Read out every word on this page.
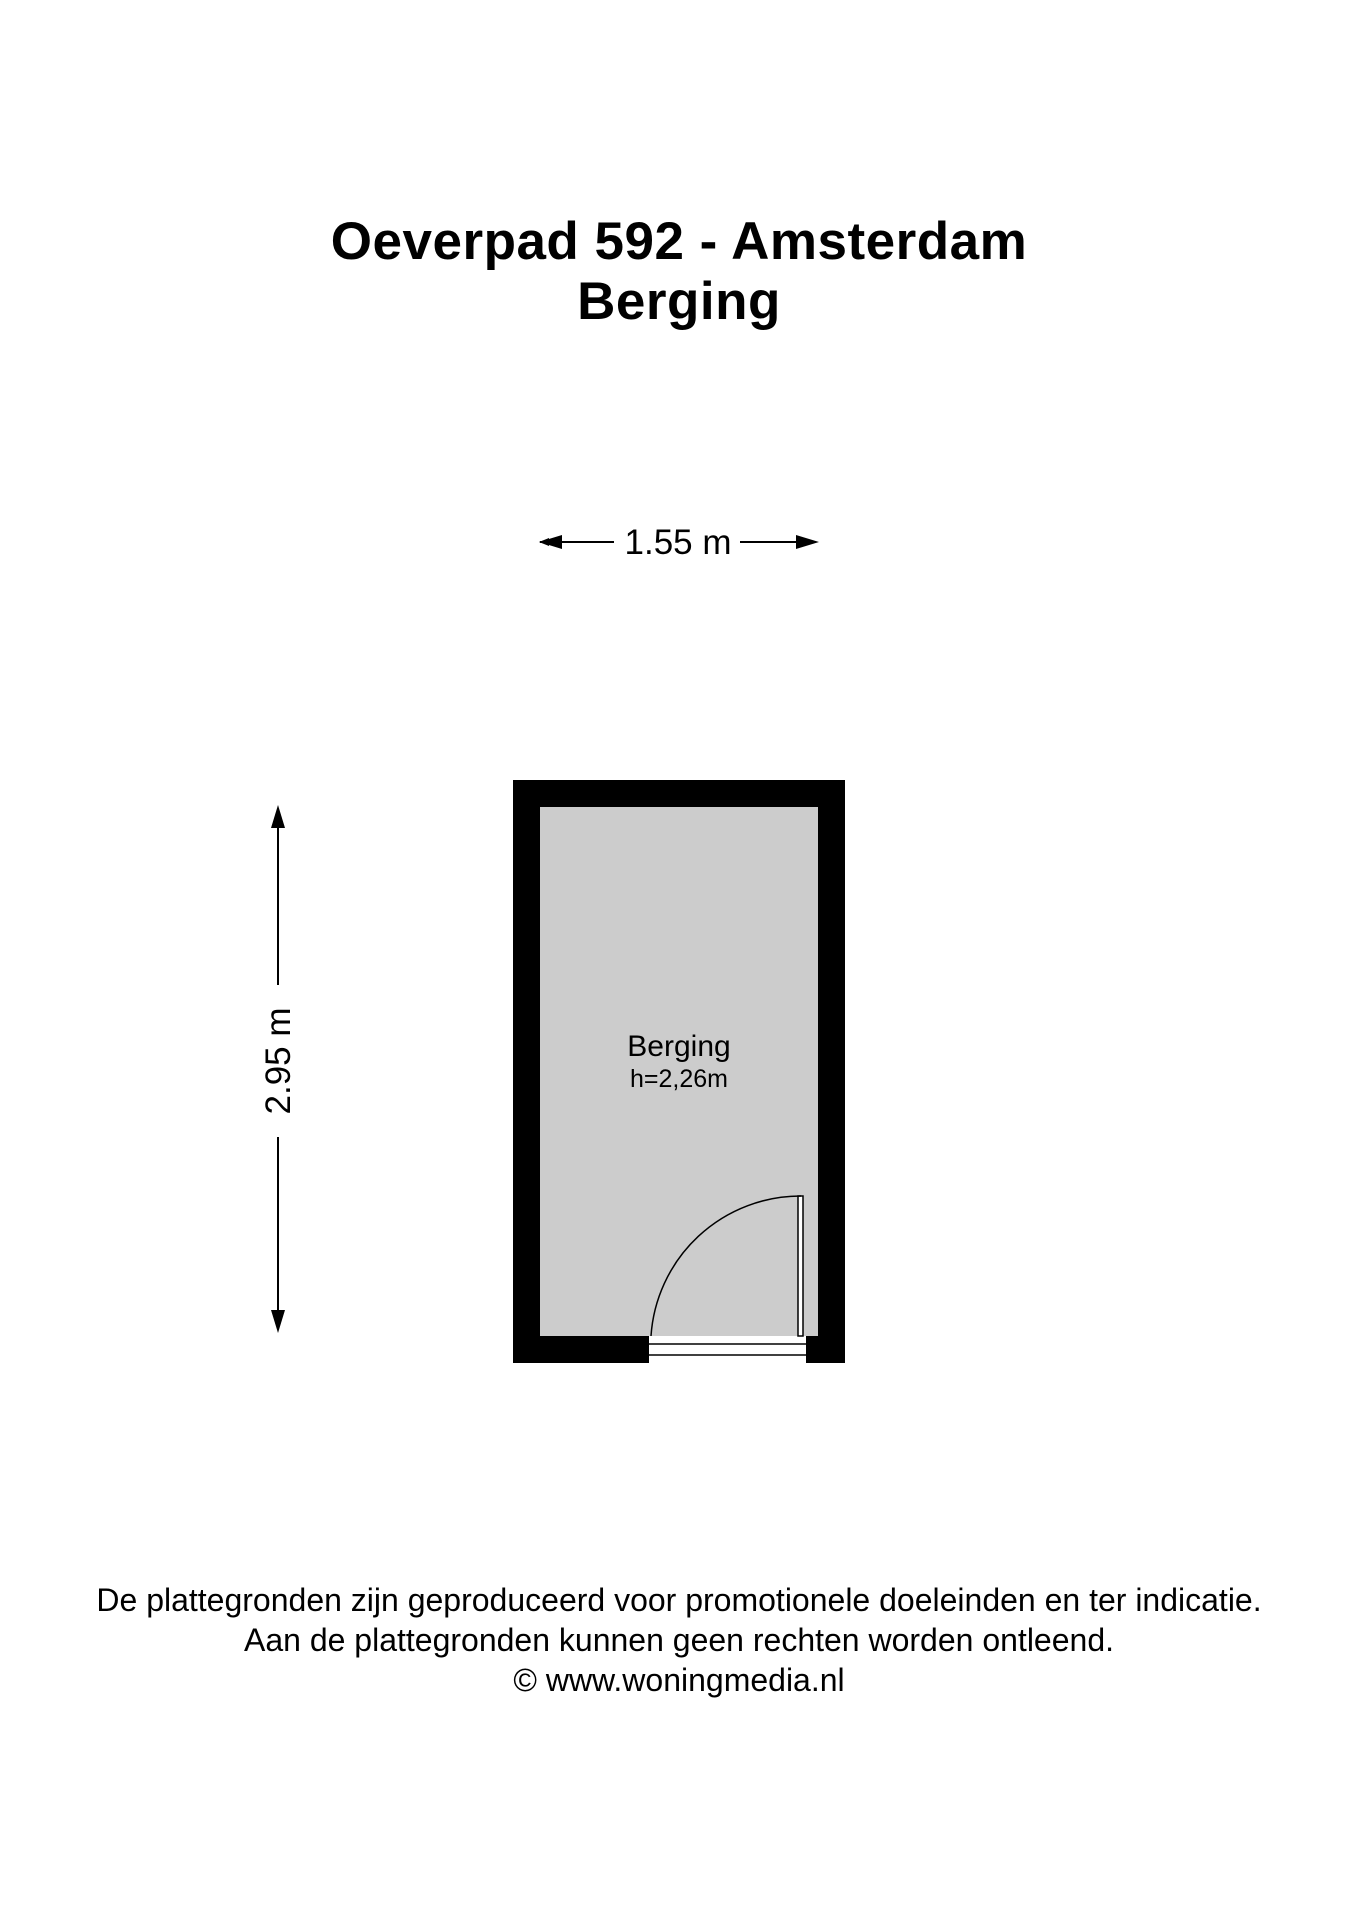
Oeverpad 592 - Amsterdam
Berging
1.55 m
2.95 m	Berging
h=2,26m
De plattegronden zijn geproduceerd voor promotionele doeleinden en ter indicatie.
Aan de plattegronden kunnen geen rechten worden ontleend.
© www.woningmedia.nl
